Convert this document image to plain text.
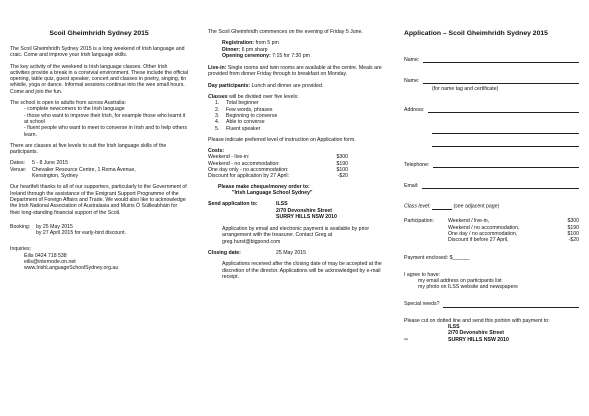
Scoil Gheimhridh Sydney 2015

The Scoil Gheimhridh Sydney 2015 is a long weekend of Irish language and craic. Come and improve your Irish language skills.

The key activity of the weekend is Irish language classes. Other Irish activities provide a break in a convivial environment. These include the official opening, table quiz, guest speaker, concert and classes in poetry, singing, tin whistle, yoga or dance. Informal sessions continue into the wee small hours. Come and join the fun.

The school is open to adults from across Australia:
- complete newcomers to the Irish language
- those who want to improve their Irish, for example those who learnt it at school
- fluent people who want to meet to converse in Irish and to help others learn.

There are classes at five levels to suit the Irish language skills of the participants.

Dates:	5 - 8 June 2015
Venue:	Chevalier Resource Centre, 1 Roma Avenue,
Kensington, Sydney

Our heartfelt thanks to all of our supporters, particularly to the Government of Ireland through the assistance of the Emigrant Support Programme of the Department of Foreign Affairs and Trade. We would also like to acknowledge the Irish National Association of Australasia and Muiris Ó Súilleabháin for their long-standing financial support of the Scoil.

Booking:	by 25 May 2015
by 27 April 2015 for early-bird discount.
Inquiries:
Éilis 0424 718 538
eilis@internode.on.net
www.IrishLanguageSchoolSydney.org.au

The Scoil Gheimhridh commences on the evening of Friday 5 June.

Registration: from 5 pm
Dinner: 6 pm sharp
Opening ceremony: 7:15 for 7:30 pm

Live-in: Single rooms and twin rooms are available at the centre. Meals are provided from dinner Friday through to breakfast on Monday.

Day participants: Lunch and dinner are provided.

Classes will be divided over five levels:
Total beginner
Few words, phrases
Beginning to converse
Able to converse
Fluent speaker

Please indicate preferred level of instruction on Application form.

Costs:
Weekend - live-in:	$300
Weekend - no accommodation:	$190
One day only - no accommodation:	$100
Discount for application by 27 April:	-$20
Please make cheque/money order to:
"Irish Language School Sydney"
Send application to:	ILSS
2/70 Devonshire Street
SURRY HILLS NSW 2010

Application by email and electronic payment is available by prior arrangement with the treasurer. Contact Greg at greg.hurst@bigpond.com

Closing date:	25 May 2015

Applications received after the closing date of may be accepted at the discretion of the director. Applications will be acknowledged by e-mail receipt.

Application – Scoil Gheimhridh Sydney 2015
Name:
Name:
(for name tag and certificate)
Address:
Telephone:
Email:
Class level:	(see adjacent page)
Participation:	Weekend / live-in,	$300
Weekend / no accommodation,	$190
One day / no accommodation,	$100
Discount if before 27 April,	-$20
Payment enclosed: $______
I agree to have:
my email address on participants list
my photo on ILSS website and newspapers
Special needs?
Please cut on dotted line and send this portion with payment to:
ILSS
2/70 Devonshire Street
✂	SURRY HILLS NSW 2010
